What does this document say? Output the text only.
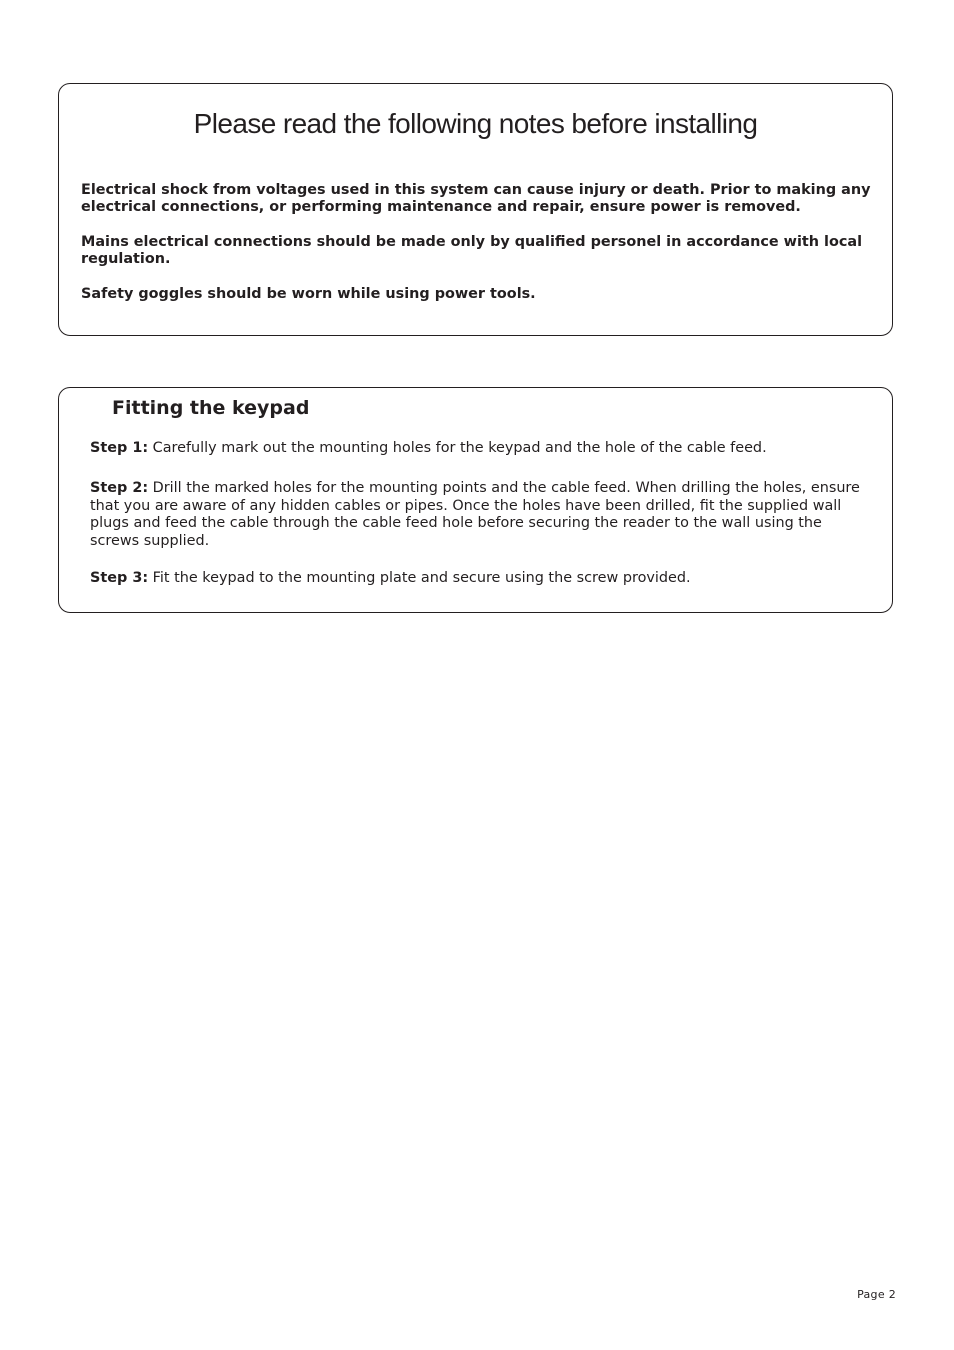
Please read the following notes before installing

Electrical shock from voltages used in this system can cause injury or death. Prior to making any electrical connections, or performing maintenance and repair, ensure power is removed.

Mains electrical connections should be made only by qualified personel in accordance with local regulation.

Safety goggles should be worn while using power tools.

Fitting the keypad

Step 1: Carefully mark out the mounting holes for the keypad and the hole of the cable feed.

Step 2: Drill the marked holes for the mounting points and the cable feed. When drilling the holes, ensure that you are aware of any hidden cables or pipes. Once the holes have been drilled, fit the supplied wall plugs and feed the cable through the cable feed hole before securing the reader to the wall using the screws supplied.

Step 3: Fit the keypad to the mounting plate and secure using the screw provided.

Page 2
